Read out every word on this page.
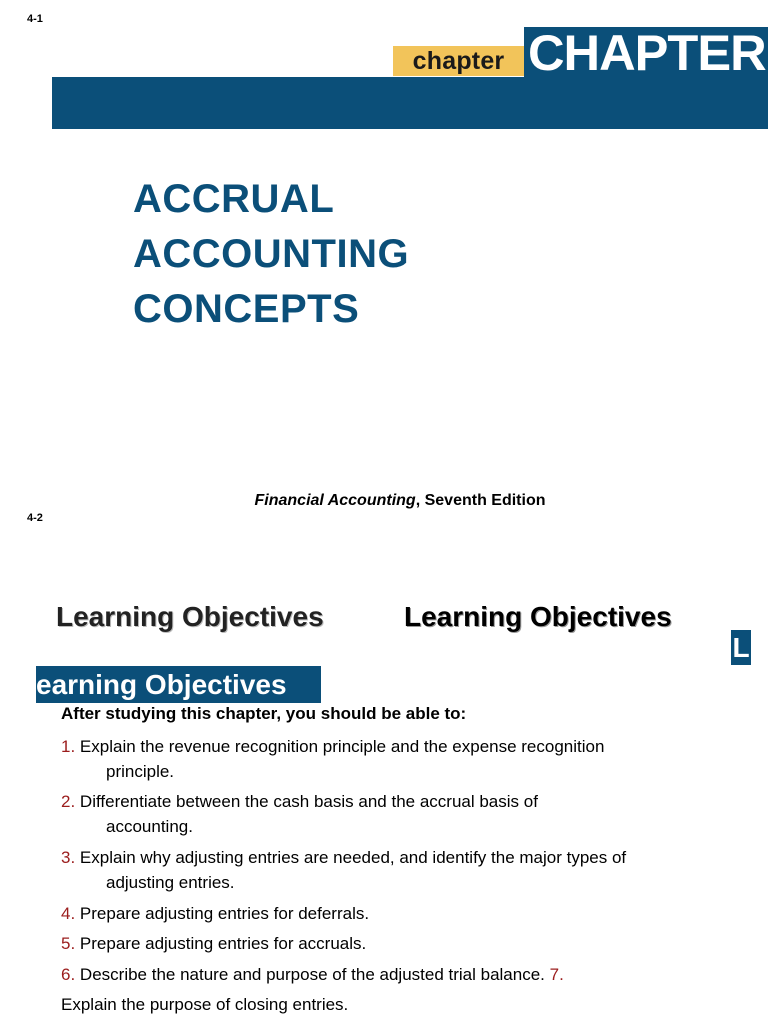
4-1
chapter CHAPTER
ACCRUAL
ACCOUNTING
CONCEPTS
Financial Accounting, Seventh Edition
4-2
Learning Objectives	Learning Objectives
L
earning Objectives
After studying this chapter, you should be able to:
1. Explain the revenue recognition principle and the expense recognition
principle.
2. Differentiate between the cash basis and the accrual basis of
accounting.
3. Explain why adjusting entries are needed, and identify the major types of
adjusting entries.
4. Prepare adjusting entries for deferrals.
5. Prepare adjusting entries for accruals.
6. Describe the nature and purpose of the adjusted trial balance. 7.
Explain the purpose of closing entries.
